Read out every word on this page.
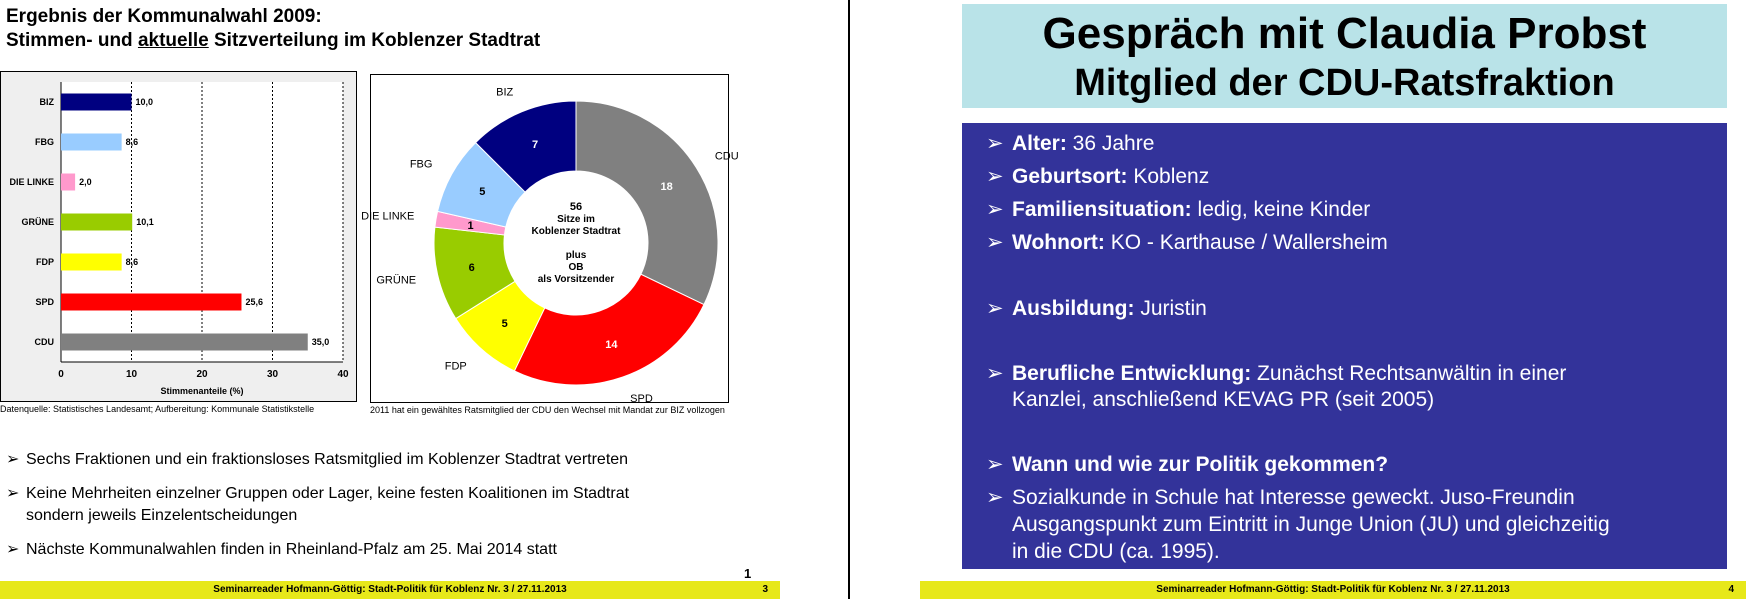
Ergebnis der Kommunalwahl 2009:
Stimmen- und aktuelle Sitzverteilung im Koblenzer Stadtrat
0	10	20	30	40
BIZ	10,0
FBG	8,6
DIE LINKE	2,0
GRÜNE	10,1
FDP	8,6
SPD	25,6
CDU	35,0
Stimmenanteile (%)
Datenquelle: Statistisches Landesamt; Aufbereitung: Kommunale Statistikstelle
18
CDU
14
SPD
5
FDP
6
GRÜNE
1
DIE LINKE
5
FBG
7
BIZ
56
Sitze im
Koblenzer Stadtrat
plus
OB
als Vorsitzender
2011 hat ein gewähltes Ratsmitglied der CDU den Wechsel mit Mandat zur BIZ vollzogen
➢ Sechs Fraktionen und ein fraktionsloses Ratsmitglied im Koblenzer Stadtrat vertreten
➢ Keine Mehrheiten einzelner Gruppen oder Lager, keine festen Koalitionen im Stadtrat
sondern jeweils Einzelentscheidungen
➢ Nächste Kommunalwahlen finden in Rheinland-Pfalz am 25. Mai 2014 statt
1
Seminarreader Hofmann-Göttig: Stadt-Politik für Koblenz Nr. 3 / 27.11.2013	3
Gespräch mit Claudia Probst
Mitglied der CDU-Ratsfraktion
➢ Alter: 36 Jahre
➢ Geburtsort: Koblenz
➢ Familiensituation: ledig, keine Kinder
➢ Wohnort: KO - Karthause / Wallersheim
➢ Ausbildung: Juristin
➢ Berufliche Entwicklung: Zunächst Rechtsanwältin in einer
Kanzlei, anschließend KEVAG PR (seit 2005)
➢ Wann und wie zur Politik gekommen?
➢ Sozialkunde in Schule hat Interesse geweckt. Juso-Freundin
Ausgangspunkt zum Eintritt in Junge Union (JU) und gleichzeitig
in die CDU (ca. 1995).
Seminarreader Hofmann-Göttig: Stadt-Politik für Koblenz Nr. 3 / 27.11.2013	4
